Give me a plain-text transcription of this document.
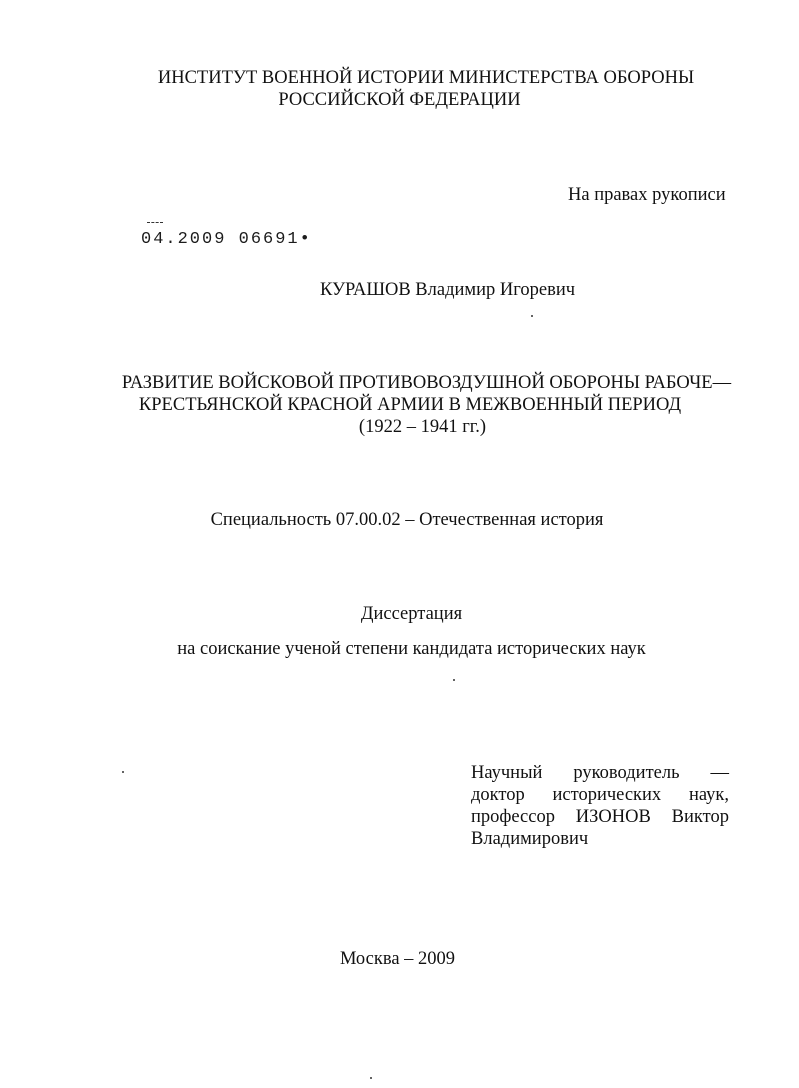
ИНСТИТУТ ВОЕННОЙ ИСТОРИИ МИНИСТЕРСТВА ОБОРОНЫ
РОССИЙСКОЙ ФЕДЕРАЦИИ
На правах рукописи
04.2009 06691•
КУРАШОВ Владимир Игоревич
РАЗВИТИЕ ВОЙСКОВОЙ ПРОТИВОВОЗДУШНОЙ ОБОРОНЫ РАБОЧЕ—
КРЕСТЬЯНСКОЙ КРАСНОЙ АРМИИ В МЕЖВОЕННЫЙ ПЕРИОД
(1922 – 1941 гг.)
Специальность 07.00.02 – Отечественная история
Диссертация
на соискание ученой степени кандидата исторических наук
Научный руководитель —
доктор исторических наук,
профессор ИЗОНОВ Виктор
Владимирович
Москва – 2009
